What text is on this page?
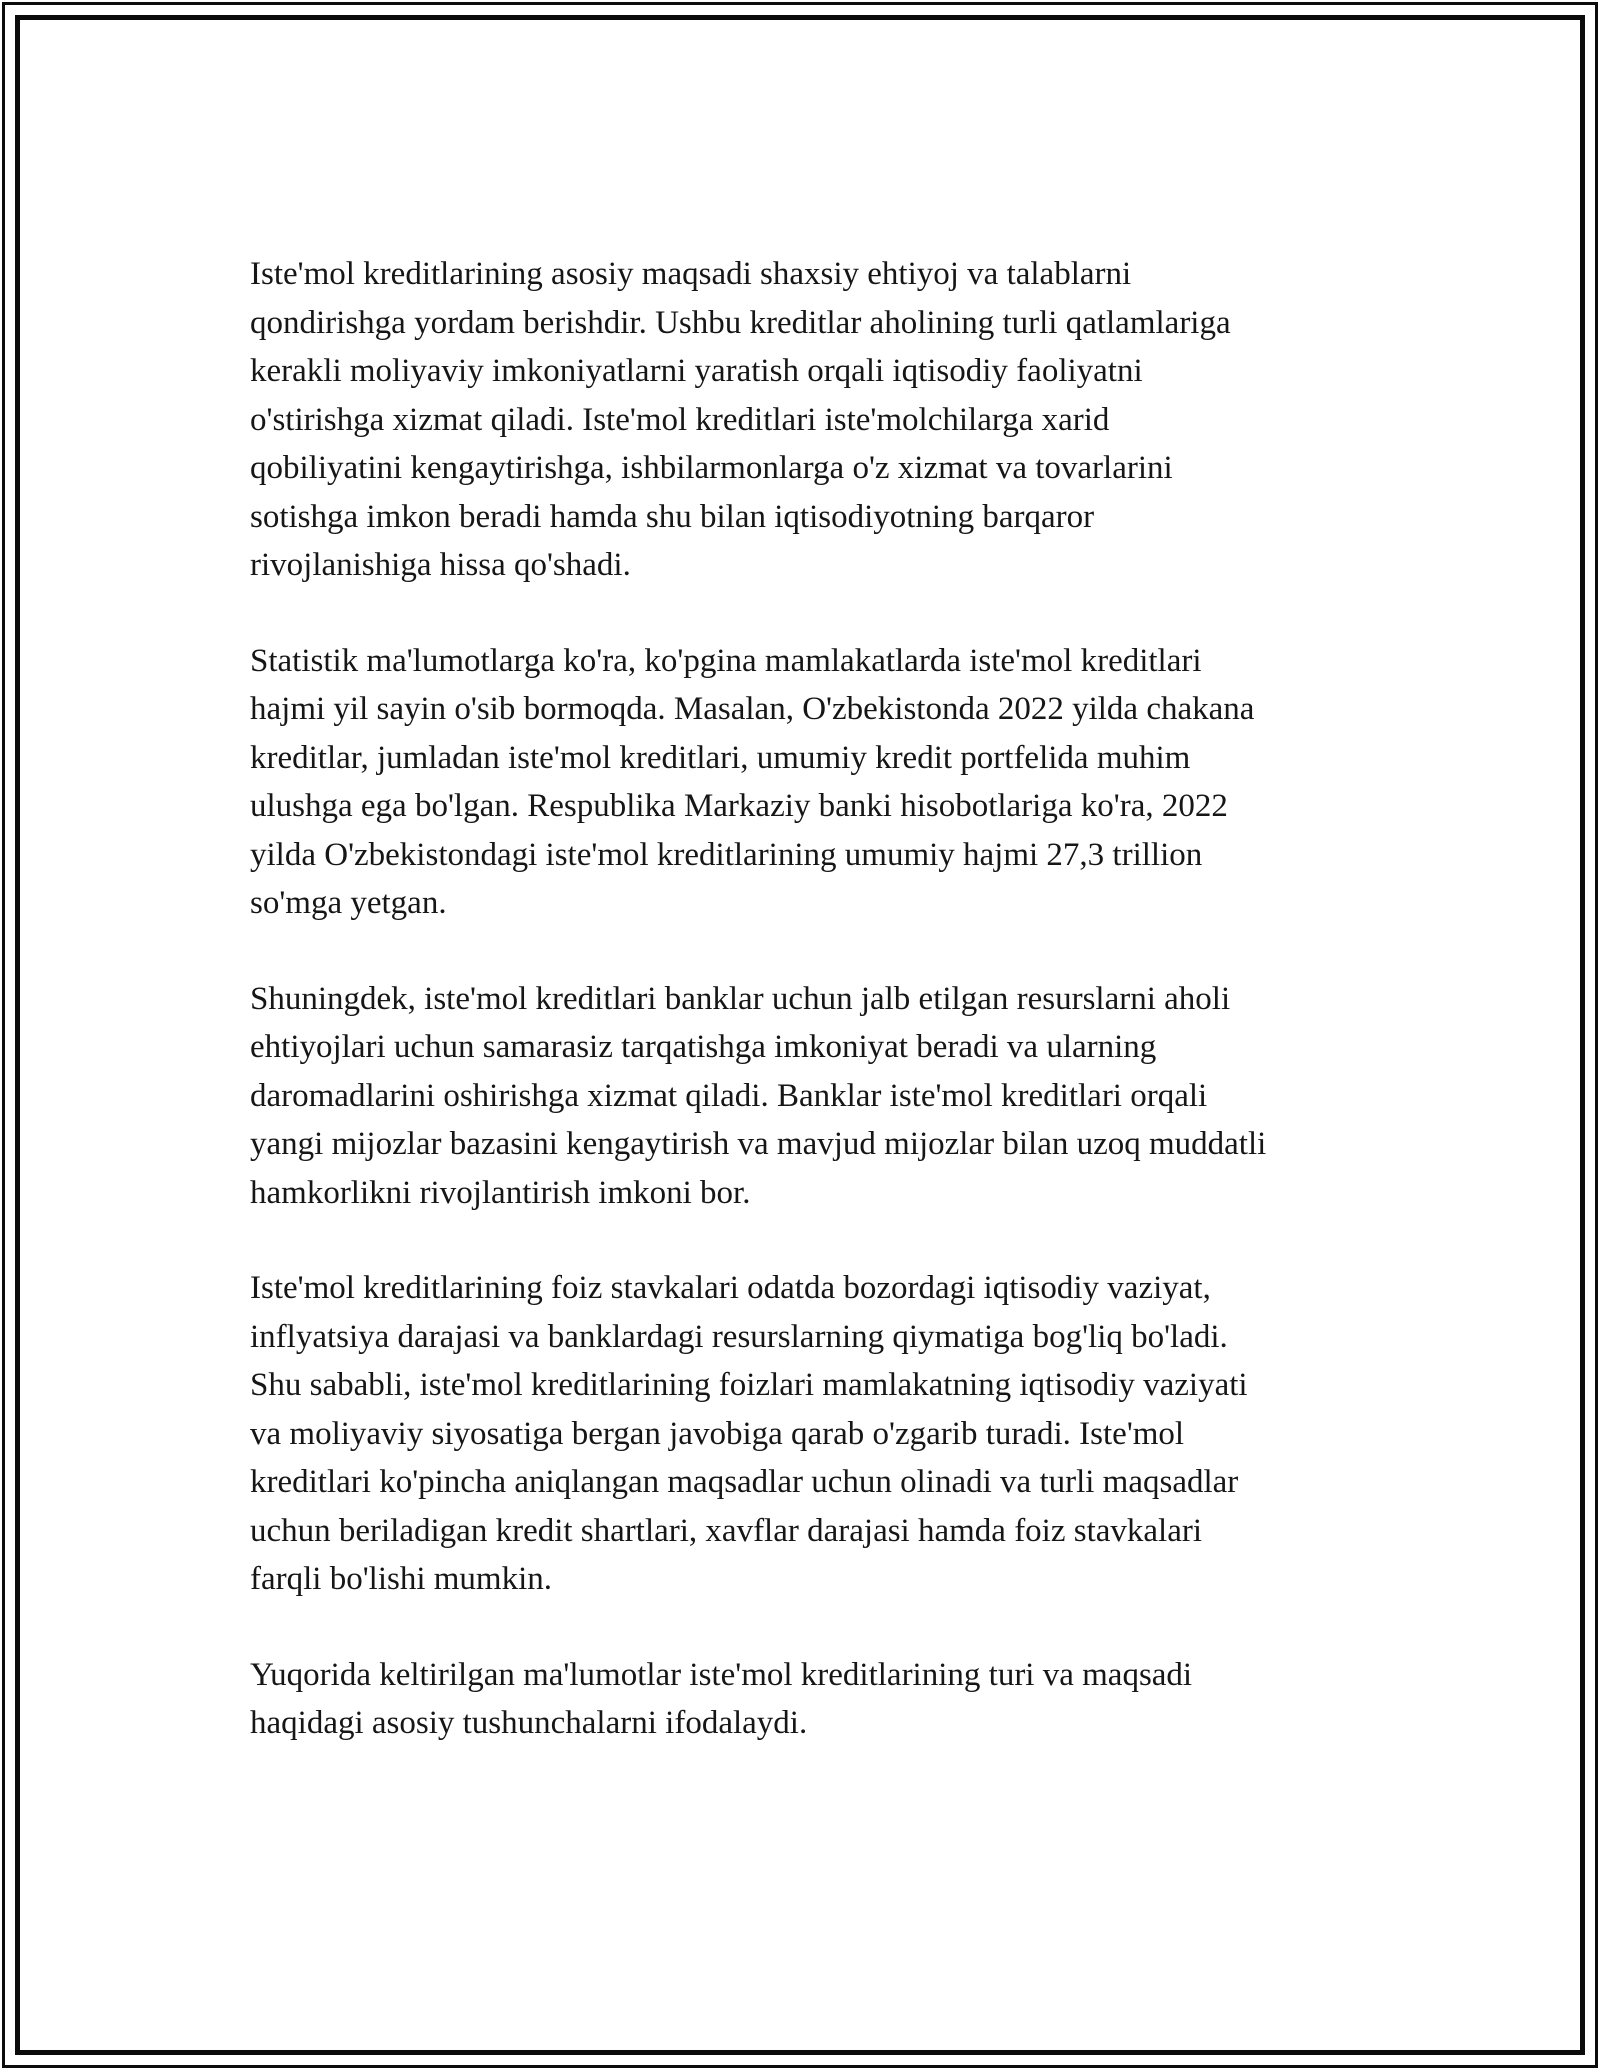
Iste'mol kreditlarining asosiy maqsadi shaxsiy ehtiyoj va talablarni
qondirishga yordam berishdir. Ushbu kreditlar aholining turli qatlamlariga
kerakli moliyaviy imkoniyatlarni yaratish orqali iqtisodiy faoliyatni
o'stirishga xizmat qiladi. Iste'mol kreditlari iste'molchilarga xarid
qobiliyatini kengaytirishga, ishbilarmonlarga o'z xizmat va tovarlarini
sotishga imkon beradi hamda shu bilan iqtisodiyotning barqaror
rivojlanishiga hissa qo'shadi.

Statistik ma'lumotlarga ko'ra, ko'pgina mamlakatlarda iste'mol kreditlari
hajmi yil sayin o'sib bormoqda. Masalan, O'zbekistonda 2022 yilda chakana
kreditlar, jumladan iste'mol kreditlari, umumiy kredit portfelida muhim
ulushga ega bo'lgan. Respublika Markaziy banki hisobotlariga ko'ra, 2022
yilda O'zbekistondagi iste'mol kreditlarining umumiy hajmi 27,3 trillion
so'mga yetgan.

Shuningdek, iste'mol kreditlari banklar uchun jalb etilgan resurslarni aholi
ehtiyojlari uchun samarasiz tarqatishga imkoniyat beradi va ularning
daromadlarini oshirishga xizmat qiladi. Banklar iste'mol kreditlari orqali
yangi mijozlar bazasini kengaytirish va mavjud mijozlar bilan uzoq muddatli
hamkorlikni rivojlantirish imkoni bor.

Iste'mol kreditlarining foiz stavkalari odatda bozordagi iqtisodiy vaziyat,
inflyatsiya darajasi va banklardagi resurslarning qiymatiga bog'liq bo'ladi.
Shu sababli, iste'mol kreditlarining foizlari mamlakatning iqtisodiy vaziyati
va moliyaviy siyosatiga bergan javobiga qarab o'zgarib turadi. Iste'mol
kreditlari ko'pincha aniqlangan maqsadlar uchun olinadi va turli maqsadlar
uchun beriladigan kredit shartlari, xavflar darajasi hamda foiz stavkalari
farqli bo'lishi mumkin.

Yuqorida keltirilgan ma'lumotlar iste'mol kreditlarining turi va maqsadi
haqidagi asosiy tushunchalarni ifodalaydi.
